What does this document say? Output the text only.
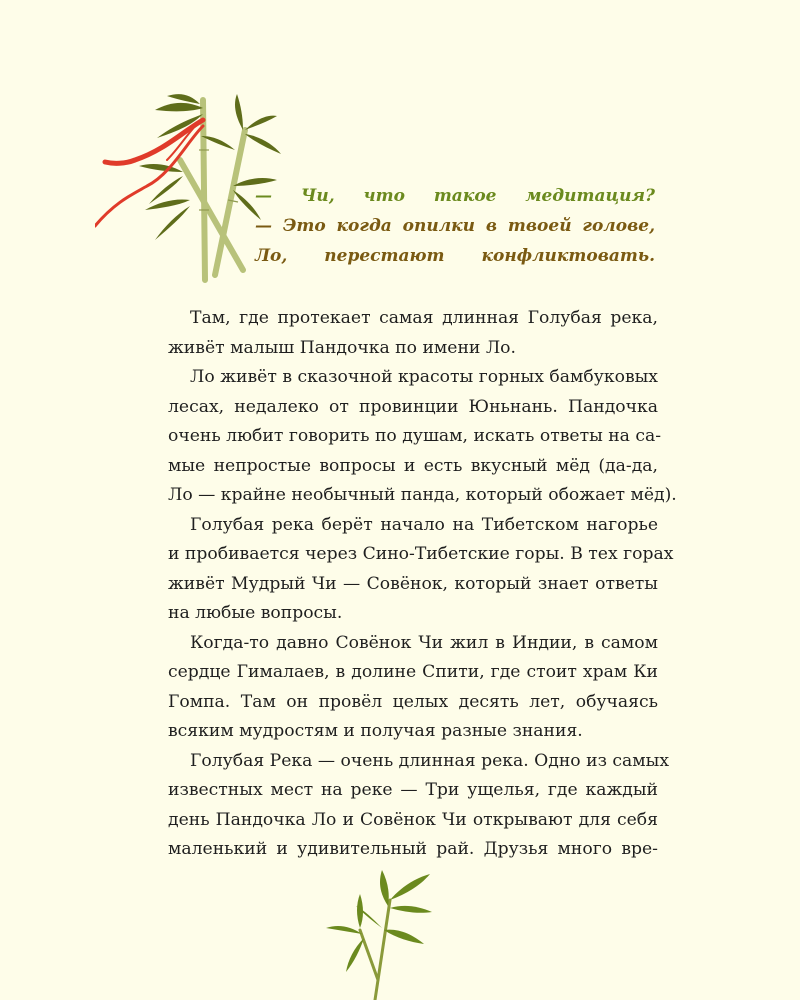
— Чи, что такое медитация?
— Это когда опилки в твоей голове,
Ло, перестают конфликтовать.
Там, где протекает самая длинная Голубая река,
живёт малыш Пандочка по имени Ло.
Ло живёт в сказочной красоты горных бамбуковых
лесах, недалеко от провинции Юньнань. Пандочка
очень любит говорить по душам, искать ответы на са-
мые непростые вопросы и есть вкусный мёд (да-да,
Ло — крайне необычный панда, который обожает мёд).
Голубая река берёт начало на Тибетском нагорье
и пробивается через Сино-Тибетские горы. В тех горах
живёт Мудрый Чи — Совёнок, который знает ответы
на любые вопросы.
Когда-то давно Совёнок Чи жил в Индии, в самом
сердце Гималаев, в долине Спити, где стоит храм Ки
Гомпа. Там он провёл целых десять лет, обучаясь
всяким мудростям и получая разные знания.
Голубая Река — очень длинная река. Одно из самых
известных мест на реке — Три ущелья, где каждый
день Пандочка Ло и Совёнок Чи открывают для себя
маленький и удивительный рай. Друзья много вре-
